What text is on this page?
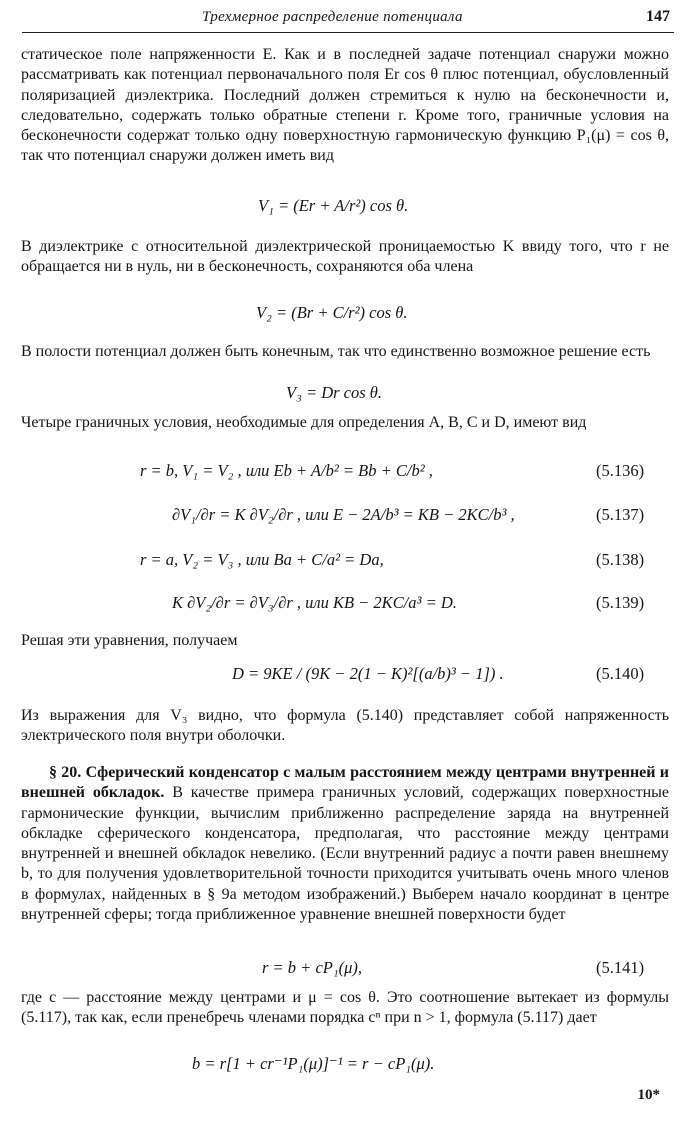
Трехмерное распределение потенциала	147
статическое поле напряженности E. Как и в последней задаче потенциал снаружи можно рассматривать как потенциал первоначального поля Er cos θ плюс потенциал, обусловленный поляризацией диэлектрика. Последний должен стремиться к нулю на бесконечности и, следовательно, содержать только обратные степени r. Кроме того, граничные условия на бесконечности содержат только одну поверхностную гармоническую функцию P₁(μ) = cos θ, так что потенциал снаружи должен иметь вид
V₁ = (Er + A/r²) cos θ.
В диэлектрике с относительной диэлектрической проницаемостью K ввиду того, что r не обращается ни в нуль, ни в бесконечность, сохраняются оба члена
V₂ = (Br + C/r²) cos θ.
В полости потенциал должен быть конечным, так что единственно возможное решение есть
V₃ = Dr cos θ.
Четыре граничных условия, необходимые для определения A, B, C и D, имеют вид
r = b, V₁ = V₂ , или Eb + A/b² = Bb + C/b² ,	(5.136)
∂V₁/∂r = K ∂V₂/∂r , или E − 2A/b³ = KB − 2KC/b³ ,	(5.137)
r = a, V₂ = V₃ , или Ba + C/a² = Da,	(5.138)
K ∂V₂/∂r = ∂V₃/∂r , или KB − 2KC/a³ = D.	(5.139)
Решая эти уравнения, получаем
D = 9KE / (9K − 2(1 − K)²[(a/b)³ − 1]) .	(5.140)
Из выражения для V₃ видно, что формула (5.140) представляет собой напряженность электрического поля внутри оболочки.
§ 20. Сферический конденсатор с малым расстоянием между центрами внутренней и внешней обкладок. В качестве примера граничных условий, содержащих поверхностные гармонические функции, вычислим приближенно распределение заряда на внутренней обкладке сферического конденсатора, предполагая, что расстояние между центрами внутренней и внешней обкладок невелико. (Если внутренний радиус a почти равен внешнему b, то для получения удовлетворительной точности приходится учитывать очень много членов в формулах, найденных в § 9а методом изображений.) Выберем начало координат в центре внутренней сферы; тогда приближенное уравнение внешней поверхности будет
r = b + cP₁(μ),	(5.141)
где c — расстояние между центрами и μ = cos θ. Это соотношение вытекает из формулы (5.117), так как, если пренебречь членами порядка cⁿ при n > 1, формула (5.117) дает
b = r[1 + cr⁻¹P₁(μ)]⁻¹ = r − cP₁(μ).
10*
